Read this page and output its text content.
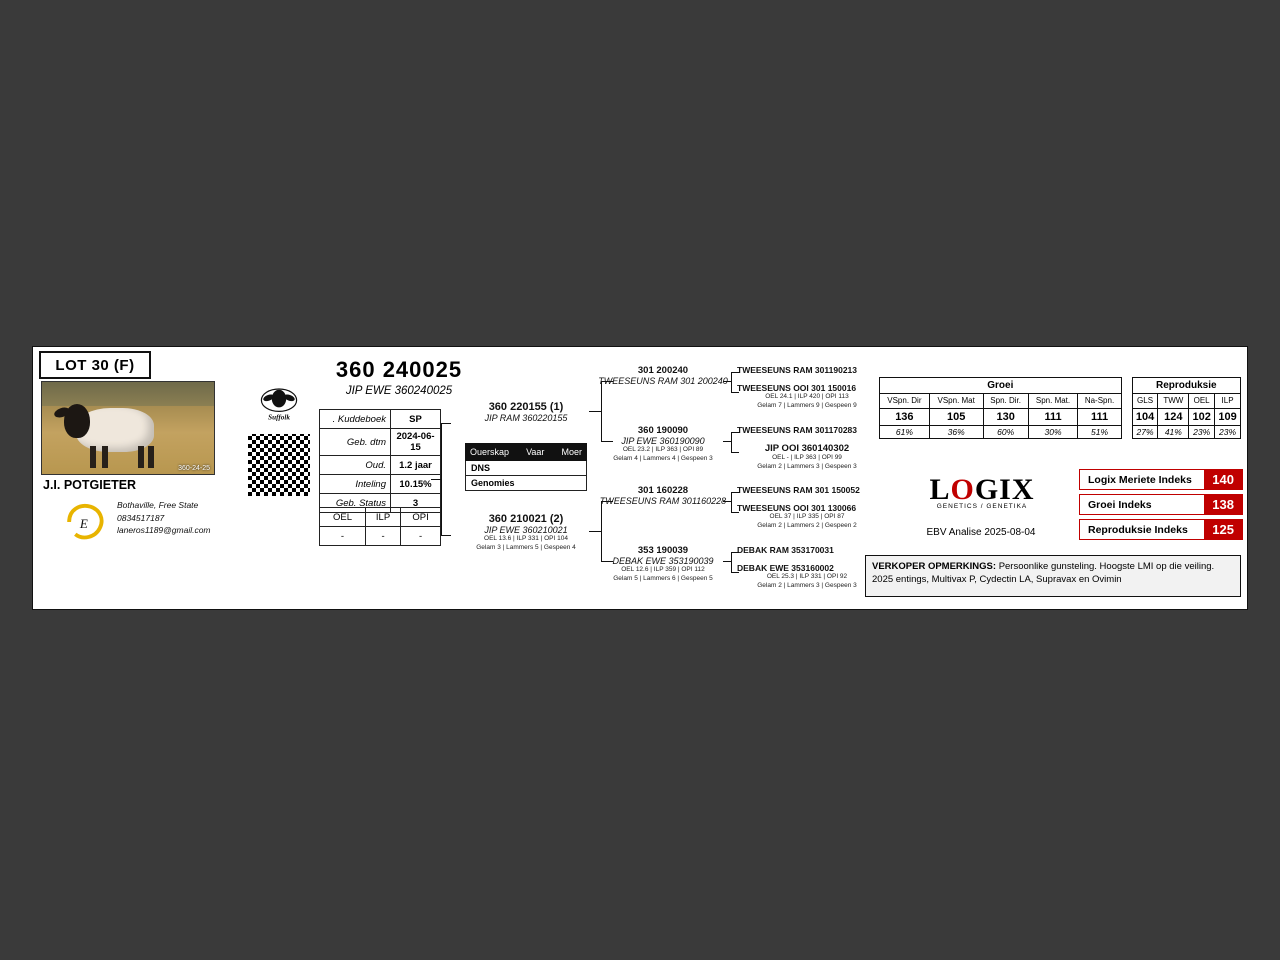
LOT 30 (F)
360-24-25
J.I. POTGIETER
E
Bothaville, Free State
0834517187
laneros1189@gmail.com
Suffolk
360 240025
JIP EWE 360240025
. Kuddeboek	SP
Geb. dtm	2024-06-15
Oud.	1.2 jaar
Inteling	10.15%
Geb. Status	3
OEL	ILP	OPI
-	-	-
Ouerskap Vaar Moer
DNS
Genomies
360 220155 (1)
JIP RAM 360220155
360 210021 (2)
JIP EWE 360210021
OEL 13.6 | ILP 331 | OPI 104
Gelam 3 | Lammers 5 | Gespeen 4
301 200240
TWEESEUNS RAM 301 200240
360 190090
JIP EWE 360190090
OEL 23.2 | ILP 363 | OPI 89
Gelam 4 | Lammers 4 | Gespeen 3
301 160228
TWEESEUNS RAM 301160228
353 190039
DEBAK EWE 353190039
OEL 12.6 | ILP 359 | OPI 112
Gelam 5 | Lammers 6 | Gespeen 5
TWEESEUNS RAM 301190213
TWEESEUNS OOI 301 150016
OEL 24.1 | ILP 420 | OPI 113
Gelam 7 | Lammers 9 | Gespeen 9
TWEESEUNS RAM 301170283
JIP OOI 360140302
OEL - | ILP 363 | OPI 99
Gelam 2 | Lammers 3 | Gespeen 3
TWEESEUNS RAM 301 150052
TWEESEUNS OOI 301 130066
OEL 37 | ILP 335 | OPI 87
Gelam 2 | Lammers 2 | Gespeen 2
DEBAK RAM 353170031
DEBAK EWE 353160002
OEL 25.3 | ILP 331 | OPI 92
Gelam 2 | Lammers 3 | Gespeen 3
Groei						Reproduksie			
VSpn. Dir	VSpn. Mat	Spn. Dir.	Spn. Mat.	Na-Spn.		GLS	TWW	OEL	ILP
136	105	130	111	111		104	124	102	109
61%	36%	60%	30%	51%		27%	41%	23%	23%
LOGIX
GENETICS / GENETIKA
EBV Analise 2025-08-04
Logix Meriete Indeks	140
Groei Indeks	138
Reproduksie Indeks	125
VERKOPER OPMERKINGS: Persoonlike gunsteling. Hoogste LMI op die veiling. 2025 entings, Multivax P, Cydectin LA, Supravax en Ovimin
